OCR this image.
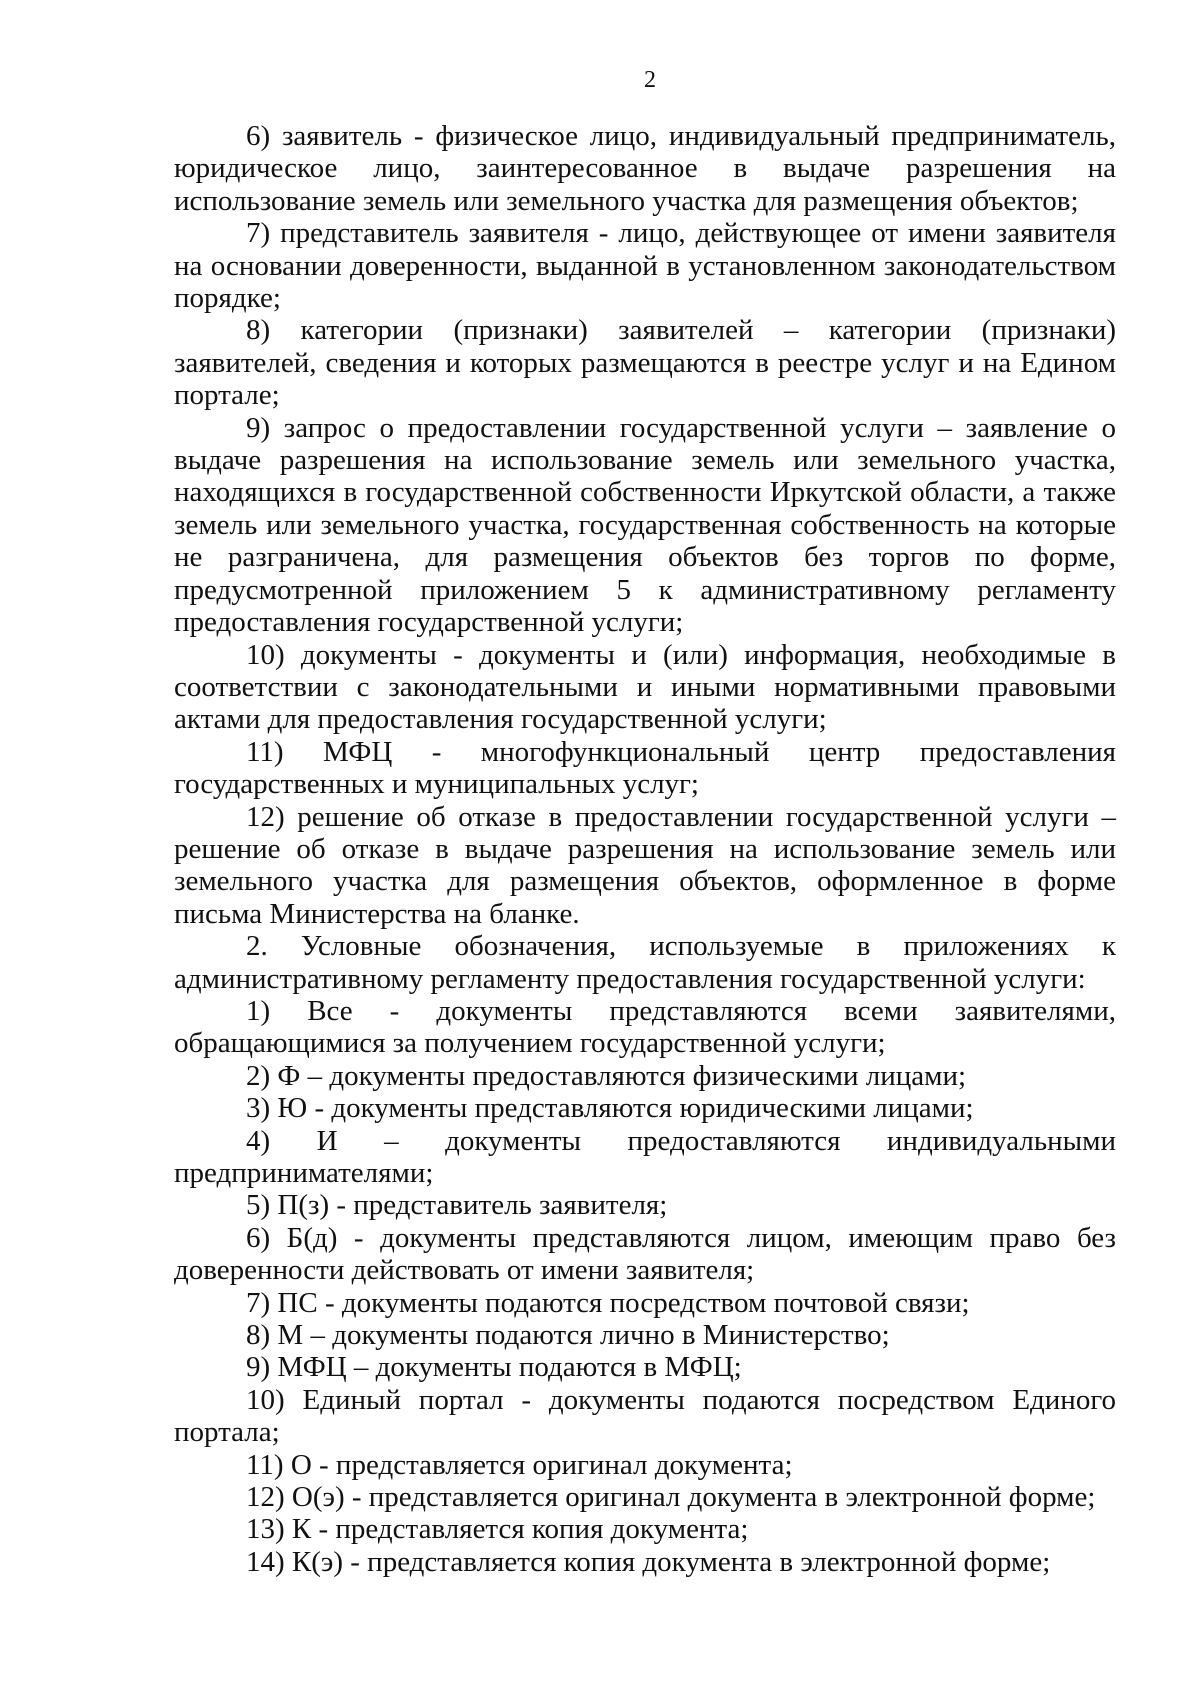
2

6) заявитель - физическое лицо, индивидуальный предприниматель, юридическое лицо, заинтересованное в выдаче разрешения на использование земель или земельного участка для размещения объектов;

7) представитель заявителя - лицо, действующее от имени заявителя на основании доверенности, выданной в установленном законодательством порядке;

8) категории (признаки) заявителей – категории (признаки) заявителей, сведения и которых размещаются в реестре услуг и на Едином портале;

9) запрос о предоставлении государственной услуги – заявление о выдаче разрешения на использование земель или земельного участка, находящихся в государственной собственности Иркутской области, а также земель или земельного участка, государственная собственность на которые не разграничена, для размещения объектов без торгов по форме, предусмотренной приложением 5 к административному регламенту предоставления государственной услуги;

10) документы - документы и (или) информация, необходимые в соответствии с законодательными и иными нормативными правовыми актами для предоставления государственной услуги;

11) МФЦ - многофункциональный центр предоставления государственных и муниципальных услуг;

12) решение об отказе в предоставлении государственной услуги – решение об отказе в выдаче разрешения на использование земель или земельного участка для размещения объектов, оформленное в форме письма Министерства на бланке.

2. Условные обозначения, используемые в приложениях к административному регламенту предоставления государственной услуги:

1) Все - документы представляются всеми заявителями, обращающимися за получением государственной услуги;

2) Ф – документы предоставляются физическими лицами;

3) Ю - документы представляются юридическими лицами;

4) И – документы предоставляются индивидуальными предпринимателями;

5) П(з) - представитель заявителя;

6) Б(д) - документы представляются лицом, имеющим право без доверенности действовать от имени заявителя;

7) ПС - документы подаются посредством почтовой связи;

8) М – документы подаются лично в Министерство;

9) МФЦ – документы подаются в МФЦ;

10) Единый портал - документы подаются посредством Единого портала;

11) О - представляется оригинал документа;

12) О(э) - представляется оригинал документа в электронной форме;

13) К - представляется копия документа;

14) К(э) - представляется копия документа в электронной форме;
